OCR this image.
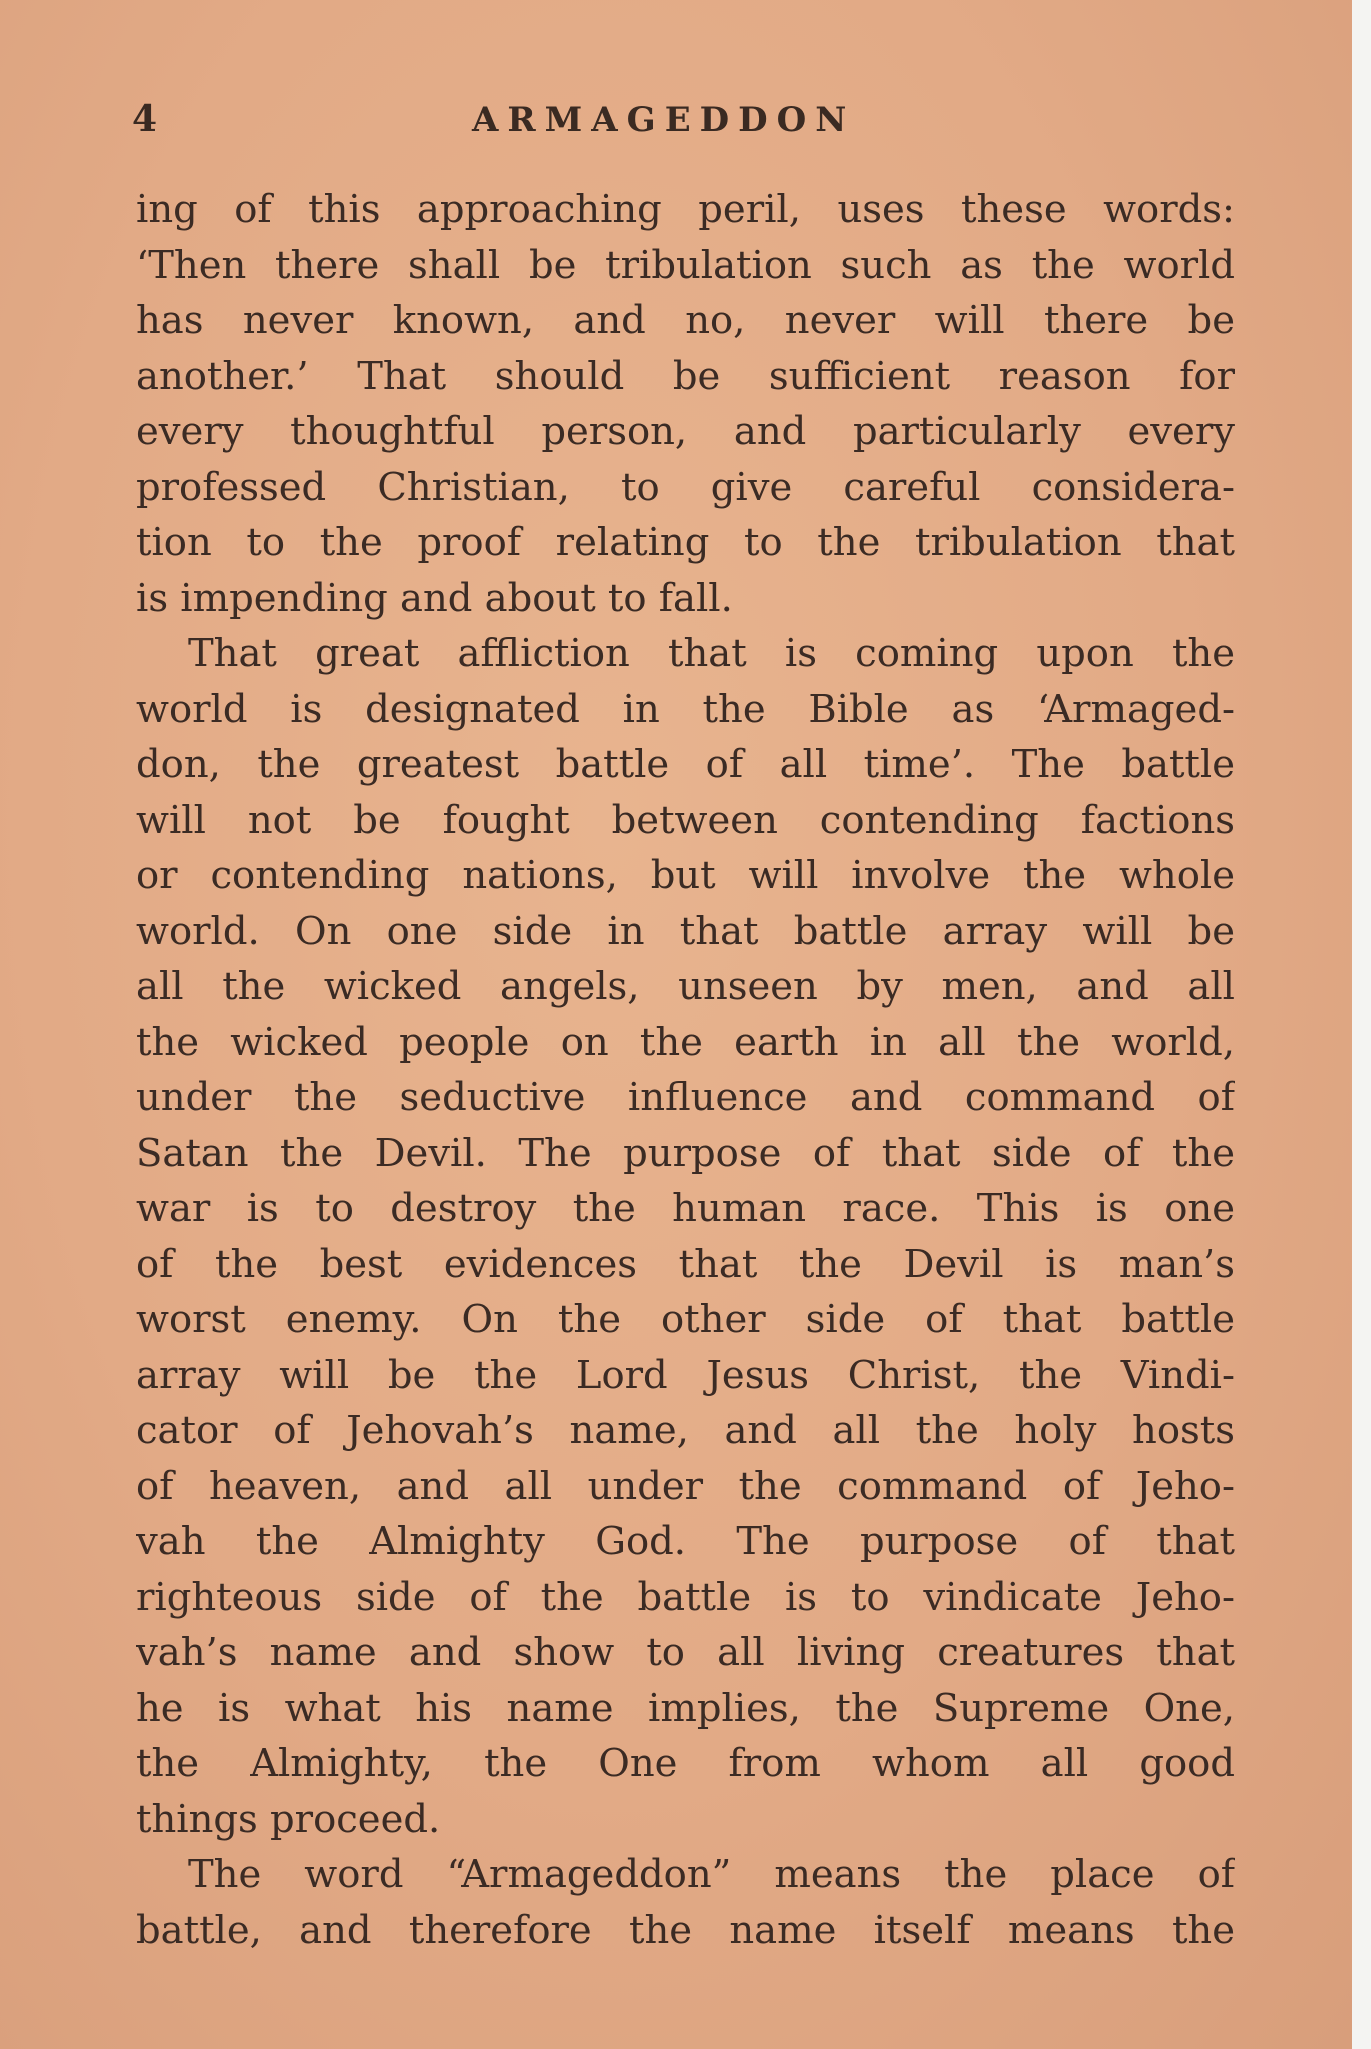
4	ARMAGEDDON
ing of this approaching peril, uses these words:
‘Then there shall be tribulation such as the world
has never known, and no, never will there be
another.’ That should be sufficient reason for
every thoughtful person, and particularly every
professed Christian, to give careful considera-
tion to the proof relating to the tribulation that
is impending and about to fall.
That great affliction that is coming upon the
world is designated in the Bible as ‘Armaged-
don, the greatest battle of all time’. The battle
will not be fought between contending factions
or contending nations, but will involve the whole
world. On one side in that battle array will be
all the wicked angels, unseen by men, and all
the wicked people on the earth in all the world,
under the seductive influence and command of
Satan the Devil. The purpose of that side of the
war is to destroy the human race. This is one
of the best evidences that the Devil is man’s
worst enemy. On the other side of that battle
array will be the Lord Jesus Christ, the Vindi-
cator of Jehovah’s name, and all the holy hosts
of heaven, and all under the command of Jeho-
vah the Almighty God. The purpose of that
righteous side of the battle is to vindicate Jeho-
vah’s name and show to all living creatures that
he is what his name implies, the Supreme One,
the Almighty, the One from whom all good
things proceed.
The word “Armageddon” means the place of
battle, and therefore the name itself means the
